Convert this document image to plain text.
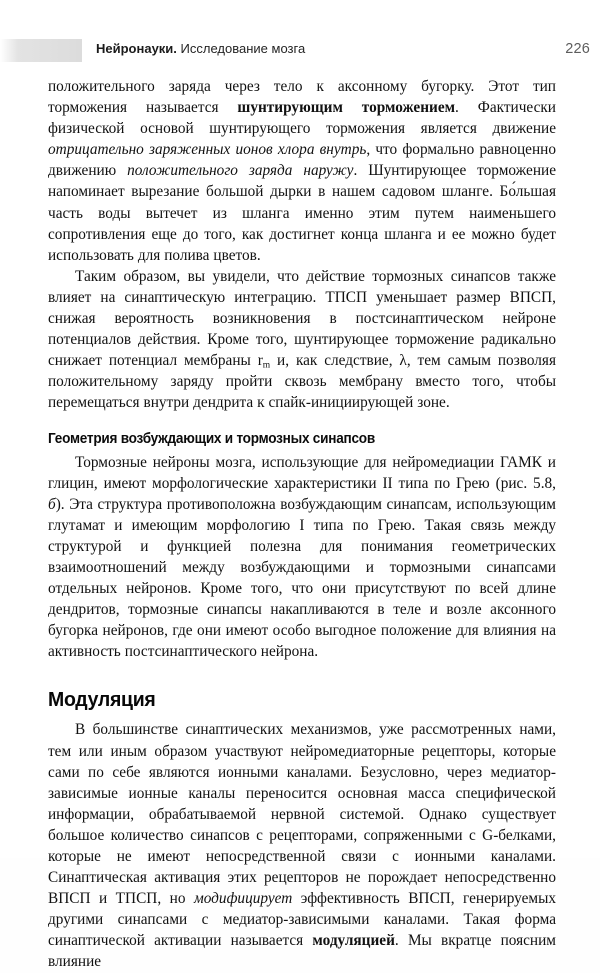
226
Нейронауки. Исследование мозга

положительного заряда через тело к аксонному бугорку. Этот тип торможения называется шунтирующим торможением. Фактически физической основой шунтирующего торможения является движение отрицательно заряженных ионов хлора внутрь, что формально равноценно движению положительного заряда наружу. Шунтирующее торможение напоминает вырезание большой дырки в нашем садовом шланге. Бо́льшая часть воды вытечет из шланга именно этим путем наименьшего сопротивления еще до того, как достигнет конца шланга и ее можно будет использовать для полива цветов.

Таким образом, вы увидели, что действие тормозных синапсов также влияет на синаптическую интеграцию. ТПСП уменьшает размер ВПСП, снижая вероятность возникновения в постсинаптическом нейроне потенциалов действия. Кроме того, шунтирующее торможение радикально снижает потенциал мембраны $r_m$ и, как следствие, λ, тем самым позволяя положительному заряду пройти сквозь мембрану вместо того, чтобы перемещаться внутри дендрита к спайк-инициирующей зоне.

Геометрия возбуждающих и тормозных синапсов

Тормозные нейроны мозга, использующие для нейромедиации ГАМК и глицин, имеют морфологические характеристики II типа по Грею (рис. 5.8, б). Эта структура противоположна возбуждающим синапсам, использующим глутамат и имеющим морфологию I типа по Грею. Такая связь между структурой и функцией полезна для понимания геометрических взаимоотношений между возбуждающими и тормозными синапсами отдельных нейронов. Кроме того, что они присутствуют по всей длине дендритов, тормозные синапсы накапливаются в теле и возле аксонного бугорка нейронов, где они имеют особо выгодное положение для влияния на активность постсинаптического нейрона.

Модуляция

В большинстве синаптических механизмов, уже рассмотренных нами, тем или иным образом участвуют нейромедиаторные рецепторы, которые сами по себе являются ионными каналами. Безусловно, через медиатор-зависимые ионные каналы переносится основная масса специфической информации, обрабатываемой нервной системой. Однако существует большое количество синапсов с рецепторами, сопряженными с G-белками, которые не имеют непосредственной связи с ионными каналами. Синаптическая активация этих рецепторов не порождает непосредственно ВПСП и ТПСП, но модифицирует эффективность ВПСП, генерируемых другими синапсами с медиатор-зависимыми каналами. Такая форма синаптической активации называется модуляцией. Мы вкратце поясним влияние
